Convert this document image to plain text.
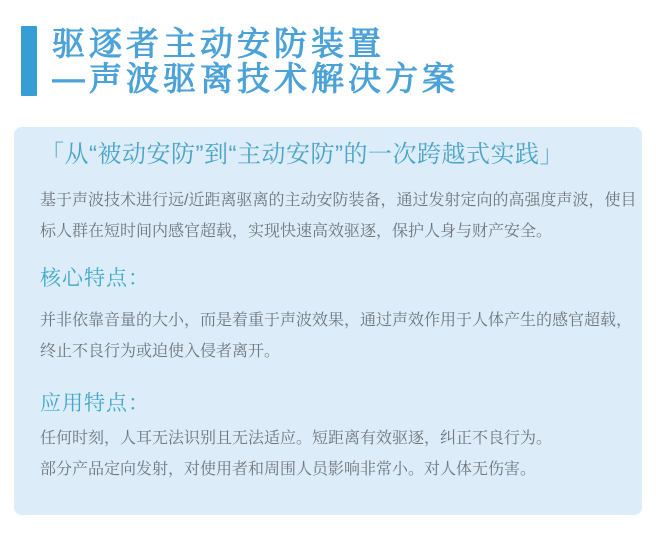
驱逐者主动安防装置
—声波驱离技术解决方案
「从“被动安防”到“主动安防”的一次跨越式实践」

基于声波技术进行远/近距离驱离的主动安防装备，通过发射定向的高强度声波，使目
标人群在短时间内感官超载，实现快速高效驱逐，保护人身与财产安全。

核心特点：

并非依靠音量的大小，而是着重于声波效果，通过声效作用于人体产生的感官超载，
终止不良行为或迫使入侵者离开。

应用特点：

任何时刻，人耳无法识别且无法适应。短距离有效驱逐，纠正不良行为。
部分产品定向发射，对使用者和周围人员影响非常小。对人体无伤害。
